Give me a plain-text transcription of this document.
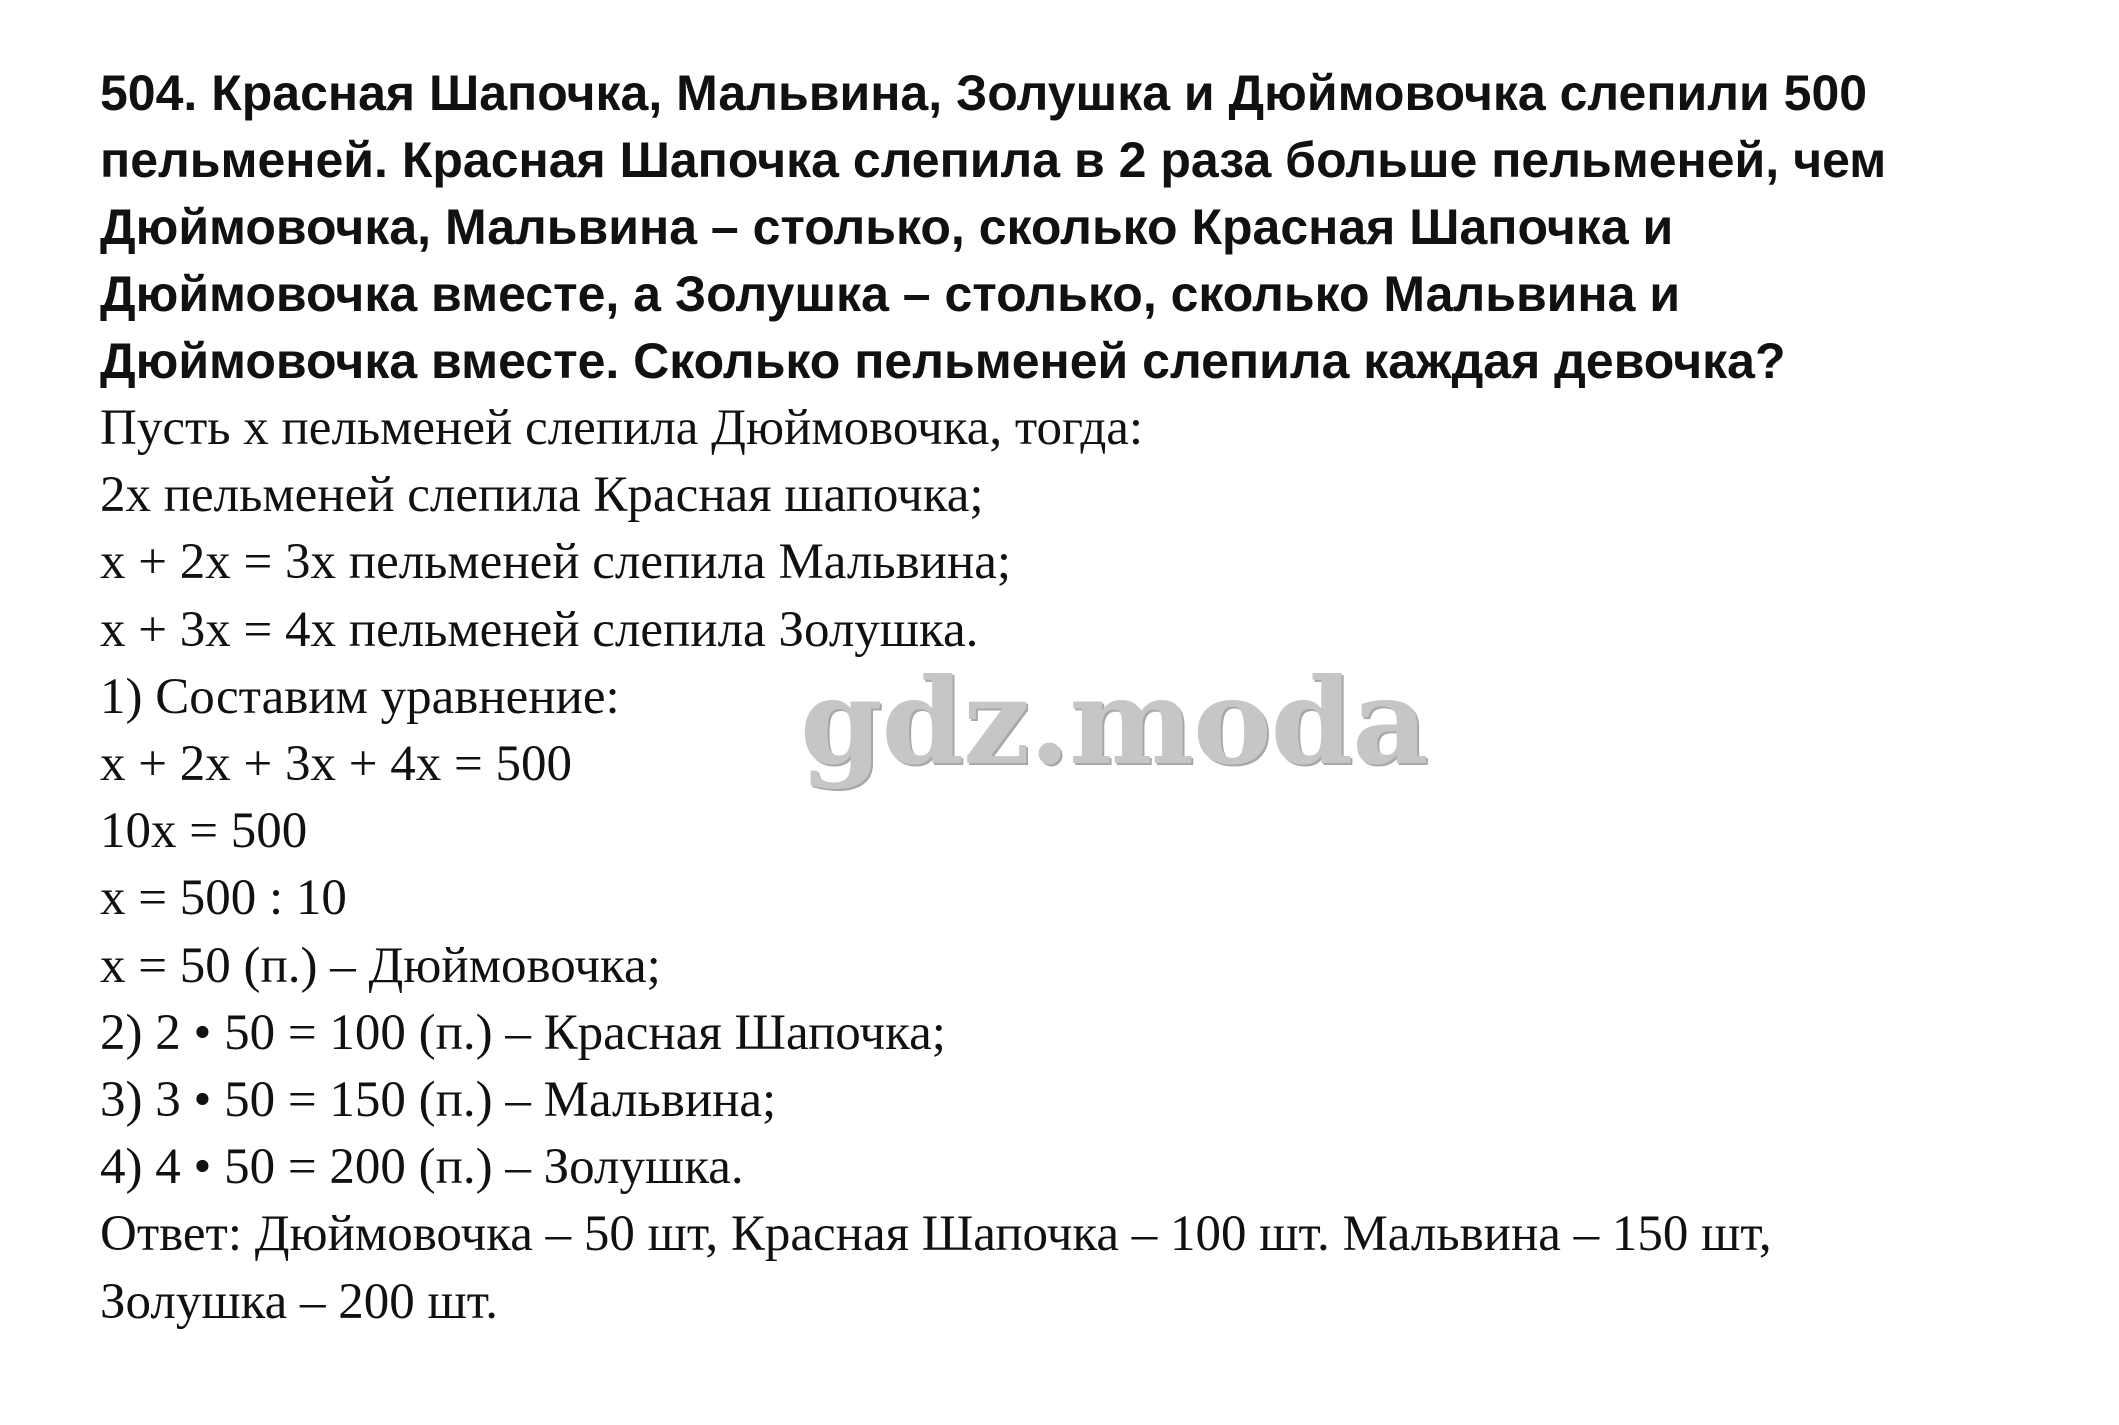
504. Красная Шапочка, Мальвина, Золушка и Дюймовочка слепили 500
пельменей. Красная Шапочка слепила в 2 раза больше пельменей, чем
Дюймовочка, Мальвина – столько, сколько Красная Шапочка и
Дюймовочка вместе, а Золушка – столько, сколько Мальвина и
Дюймовочка вместе. Сколько пельменей слепила каждая девочка?
Пусть х пельменей слепила Дюймовочка, тогда:
2х пельменей слепила Красная шапочка;
х + 2х = 3х пельменей слепила Мальвина;
х + 3х = 4х пельменей слепила Золушка.
1) Составим уравнение:
х + 2х + 3х + 4х = 500
10х = 500
х = 500 : 10
х = 50 (п.) – Дюймовочка;
2) 2 • 50 = 100 (п.) – Красная Шапочка;
3) 3 • 50 = 150 (п.) – Мальвина;
4) 4 • 50 = 200 (п.) – Золушка.
Ответ: Дюймовочка – 50 шт, Красная Шапочка – 100 шт. Мальвина – 150 шт,
Золушка – 200 шт.
gdz.moda
